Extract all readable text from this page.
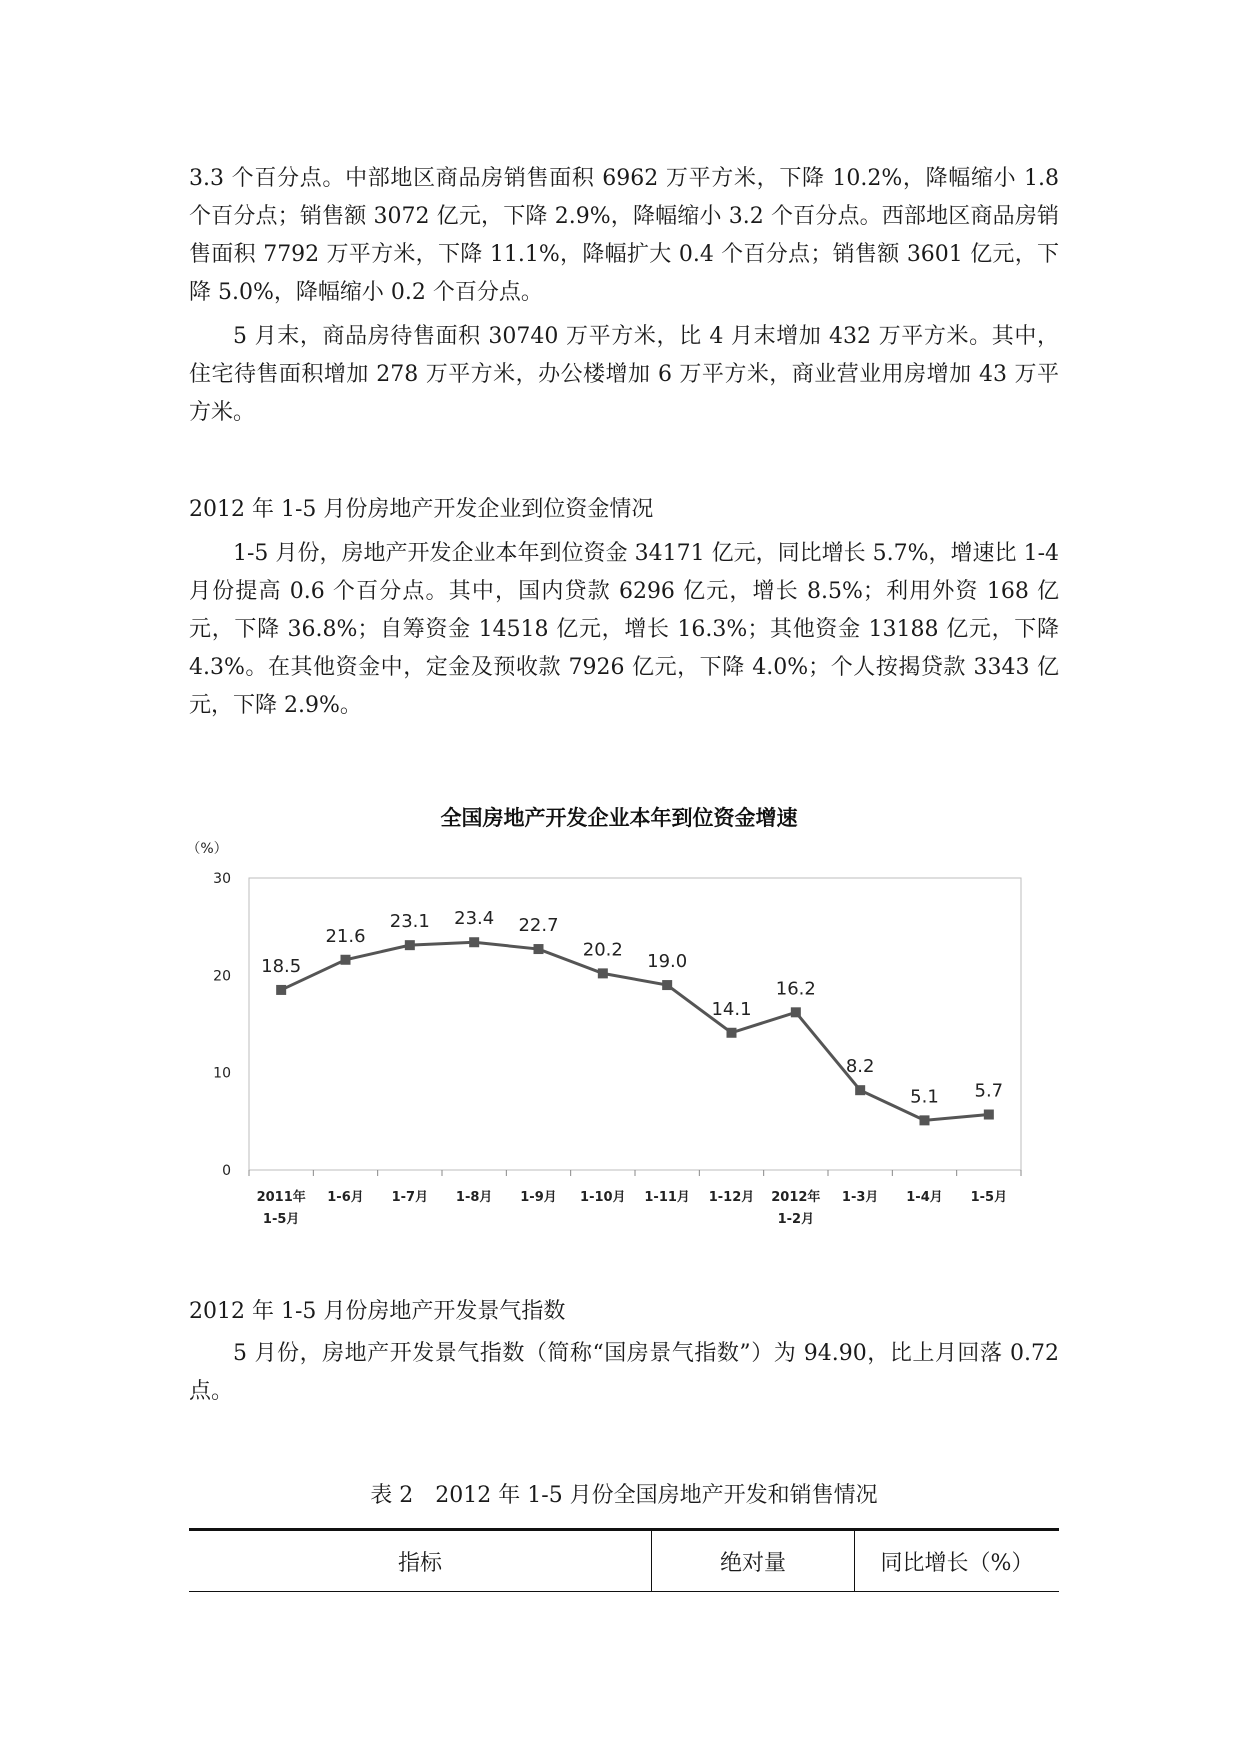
3.3 个百分点。中部地区商品房销售面积 6962 万平方米，下降 10.2%，降幅缩小 1.8 个百分点；销售额 3072 亿元，下降 2.9%，降幅缩小 3.2 个百分点。西部地区商品房销售面积 7792 万平方米，下降 11.1%，降幅扩大 0.4 个百分点；销售额 3601 亿元，下降 5.0%，降幅缩小 0.2 个百分点。

5 月末，商品房待售面积 30740 万平方米，比 4 月末增加 432 万平方米。其中，住宅待售面积增加 278 万平方米，办公楼增加 6 万平方米，商业营业用房增加 43 万平方米。

2012 年 1-5 月份房地产开发企业到位资金情况

1-5 月份，房地产开发企业本年到位资金 34171 亿元，同比增长 5.7%，增速比 1-4 月份提高 0.6 个百分点。其中，国内贷款 6296 亿元，增长 8.5%；利用外资 168 亿元，下降 36.8%；自筹资金 14518 亿元，增长 16.3%；其他资金 13188 亿元，下降 4.3%。在其他资金中，定金及预收款 7926 亿元，下降 4.0%；个人按揭贷款 3343 亿元，下降 2.9%。

全国房地产开发企业本年到位资金增速
（%）
0
10
20
30
2011年
1-5月
1-6月 1-7月 1-8月 1-9月 1-10月 1-11月 1-12月 2012年
1-2月
1-3月 1-4月 1-5月
18.5
21.6
23.1 23.4 22.7
20.2
19.0
14.1
16.2
8.2
5.1 5.7

2012 年 1-5 月份房地产开发景气指数

5 月份，房地产开发景气指数（简称“国房景气指数”）为 94.90，比上月回落 0.72 点。

表 2　2012 年 1-5 月份全国房地产开发和销售情况
指标	绝对量	同比增长（%）
